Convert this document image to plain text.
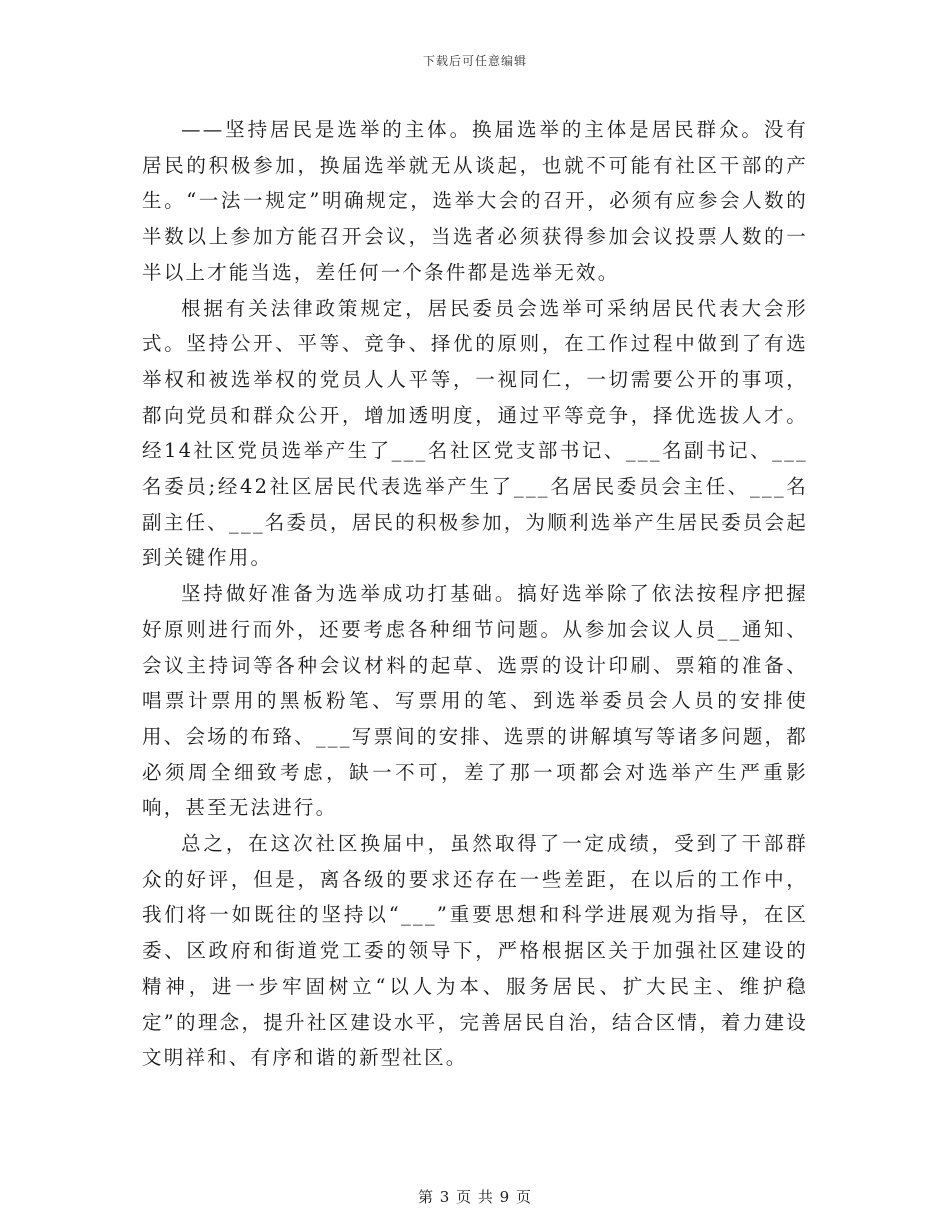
下载后可任意编辑

——坚持居民是选举的主体。换届选举的主体是居民群众。没有居民的积极参加，换届选举就无从谈起，也就不可能有社区干部的产生。“一法一规定”明确规定，选举大会的召开，必须有应参会人数的半数以上参加方能召开会议，当选者必须获得参加会议投票人数的一半以上才能当选，差任何一个条件都是选举无效。

根据有关法律政策规定，居民委员会选举可采纳居民代表大会形式。坚持公开、平等、竞争、择优的原则，在工作过程中做到了有选举权和被选举权的党员人人平等，一视同仁，一切需要公开的事项，都向党员和群众公开，增加透明度，通过平等竞争，择优选拔人才。经14社区党员选举产生了___名社区党支部书记、___名副书记、___名委员;经42社区居民代表选举产生了___名居民委员会主任、___名副主任、___名委员，居民的积极参加，为顺利选举产生居民委员会起到关键作用。

坚持做好准备为选举成功打基础。搞好选举除了依法按程序把握好原则进行而外，还要考虑各种细节问题。从参加会议人员__通知、会议主持词等各种会议材料的起草、选票的设计印刷、票箱的准备、唱票计票用的黑板粉笔、写票用的笔、到选举委员会人员的安排使用、会场的布臵、___写票间的安排、选票的讲解填写等诸多问题，都必须周全细致考虑，缺一不可，差了那一项都会对选举产生严重影响，甚至无法进行。

总之，在这次社区换届中，虽然取得了一定成绩，受到了干部群众的好评，但是，离各级的要求还存在一些差距，在以后的工作中，我们将一如既往的坚持以“___”重要思想和科学进展观为指导，在区委、区政府和街道党工委的领导下，严格根据区关于加强社区建设的精神，进一步牢固树立“以人为本、服务居民、扩大民主、维护稳定”的理念，提升社区建设水平，完善居民自治，结合区情，着力建设文明祥和、有序和谐的新型社区。

第 3 页 共 9 页
